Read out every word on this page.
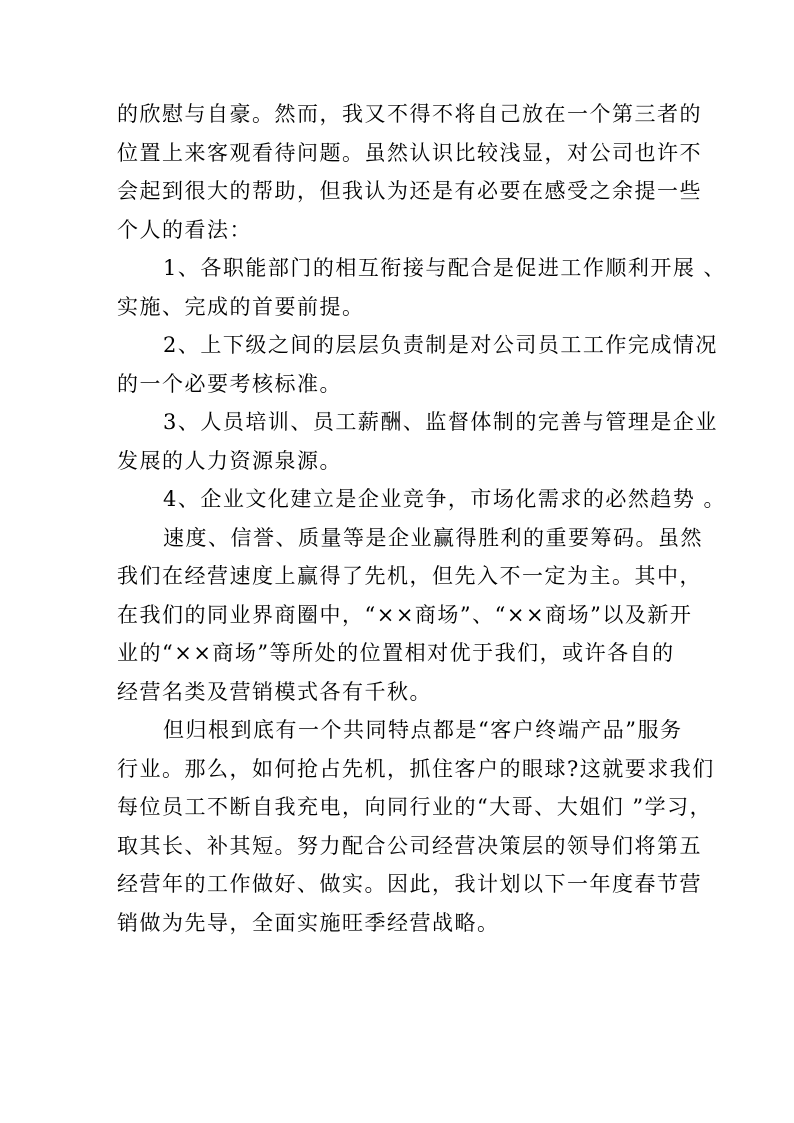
的欣慰与自豪。然而，我又不得不将自己放在一个第三者的
位置上来客观看待问题。虽然认识比较浅显，对公司也许不
会起到很大的帮助，但我认为还是有必要在感受之余提一些
个人的看法：
1、各职能部门的相互衔接与配合是促进工作顺利开展 、
实施、完成的首要前提。
2、上下级之间的层层负责制是对公司员工工作完成情况
的一个必要考核标准。
3、人员培训、员工薪酬、监督体制的完善与管理是企业
发展的人力资源泉源。
4、企业文化建立是企业竞争，市场化需求的必然趋势 。
速度、信誉、质量等是企业赢得胜利的重要筹码。虽然
我们在经营速度上赢得了先机，但先入不一定为主。其中，
在我们的同业界商圈中，“××商场”、“××商场”以及新开
业的“××商场”等所处的位置相对优于我们，或许各自的
经营名类及营销模式各有千秋。
但归根到底有一个共同特点都是“客户终端产品”服务
行业。那么，如何抢占先机，抓住客户的眼球?这就要求我们
每位员工不断自我充电，向同行业的“大哥、大姐们 ”学习，
取其长、补其短。努力配合公司经营决策层的领导们将第五
经营年的工作做好、做实。因此，我计划以下一年度春节营
销做为先导，全面实施旺季经营战略。
